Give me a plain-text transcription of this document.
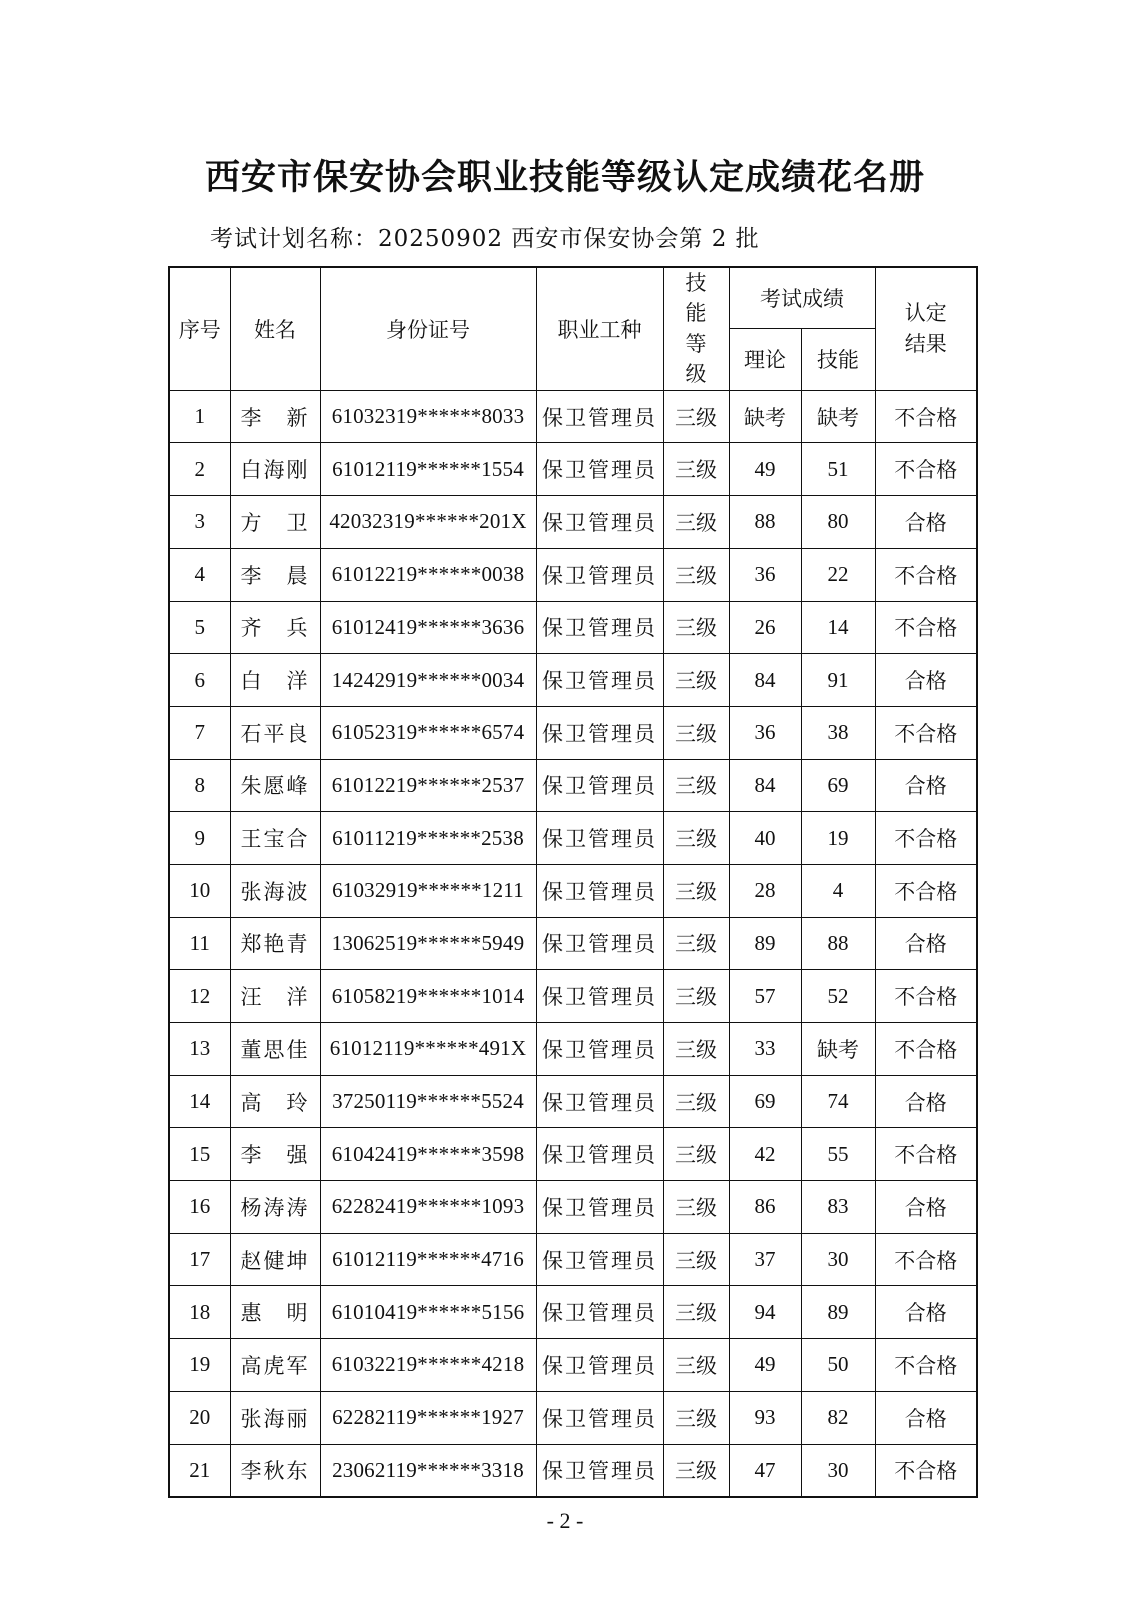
西安市保安协会职业技能等级认定成绩花名册
考试计划名称：20250902 西安市保安协会第 2 批
序号	姓名	身份证号	职业工种	技能等级	考试成绩		认定结果
					理论	技能	
1	李　新	61032319******8033	保卫管理员	三级	缺考	缺考	不合格
2	白海刚	61012119******1554	保卫管理员	三级	49	51	不合格
3	方　卫	42032319******201X	保卫管理员	三级	88	80	合格
4	李　晨	61012219******0038	保卫管理员	三级	36	22	不合格
5	齐　兵	61012419******3636	保卫管理员	三级	26	14	不合格
6	白　洋	14242919******0034	保卫管理员	三级	84	91	合格
7	石平良	61052319******6574	保卫管理员	三级	36	38	不合格
8	朱愿峰	61012219******2537	保卫管理员	三级	84	69	合格
9	王宝合	61011219******2538	保卫管理员	三级	40	19	不合格
10	张海波	61032919******1211	保卫管理员	三级	28	4	不合格
11	郑艳青	13062519******5949	保卫管理员	三级	89	88	合格
12	汪　洋	61058219******1014	保卫管理员	三级	57	52	不合格
13	董思佳	61012119******491X	保卫管理员	三级	33	缺考	不合格
14	高　玲	37250119******5524	保卫管理员	三级	69	74	合格
15	李　强	61042419******3598	保卫管理员	三级	42	55	不合格
16	杨涛涛	62282419******1093	保卫管理员	三级	86	83	合格
17	赵健坤	61012119******4716	保卫管理员	三级	37	30	不合格
18	惠　明	61010419******5156	保卫管理员	三级	94	89	合格
19	高虎军	61032219******4218	保卫管理员	三级	49	50	不合格
20	张海丽	62282119******1927	保卫管理员	三级	93	82	合格
21	李秋东	23062119******3318	保卫管理员	三级	47	30	不合格
- 2 -
